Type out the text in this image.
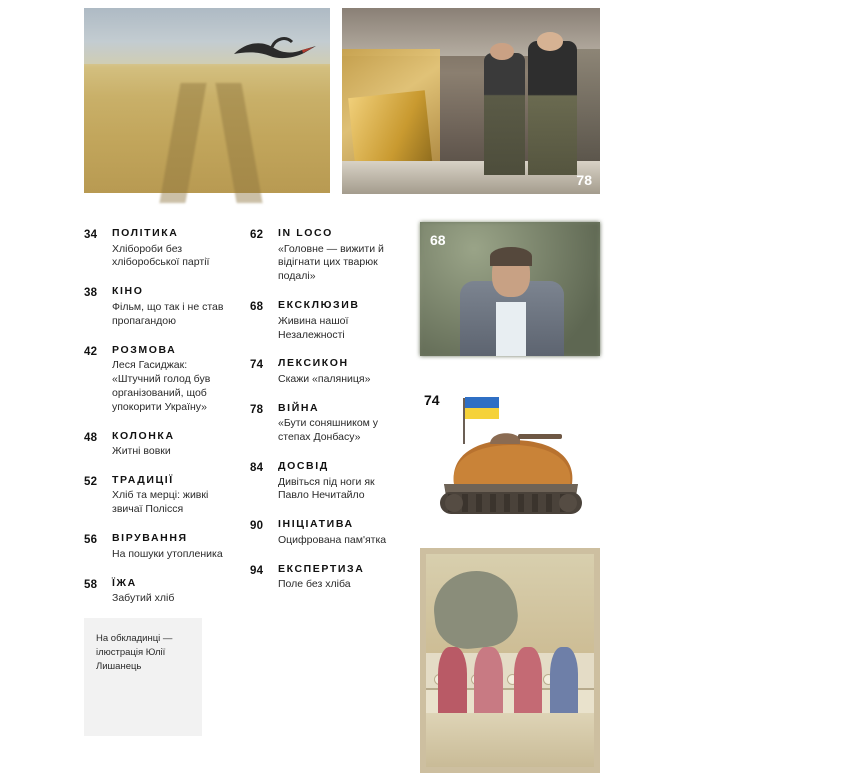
78
34 ПОЛІТИКА
Хлібороби без хліборобської партії
38 КІНО
Фільм, що так і не став пропагандою
42 РОЗМОВА
Леся Гасиджак: «Штучний голод був організований, щоб упокорити Україну»
48 КОЛОНКА
Житні вовки
52 ТРАДИЦІЇ
Хліб та мерці: живкі звичаї Полісся
56 ВІРУВАННЯ
На пошуки утопленика
58 ЇЖА
Забутий хліб
62 IN LOCO
«Головне — вижити й відігнати цих тварюк подалі»
68 ЕКСКЛЮЗИВ
Живина нашої Незалежності
74 ЛЕКСИКОН
Скажи «паляниця»
78 ВІЙНА
«Бути соняшником у степах Донбасу»
84 ДОСВІД
Дивіться під ноги як Павло Нечитайло
90 ІНІЦІАТИВА
Оцифрована пам'ятка
94 ЕКСПЕРТИЗА
Поле без хліба
На обкладинці — ілюстрація Юлії Лишанець
68
74
18
